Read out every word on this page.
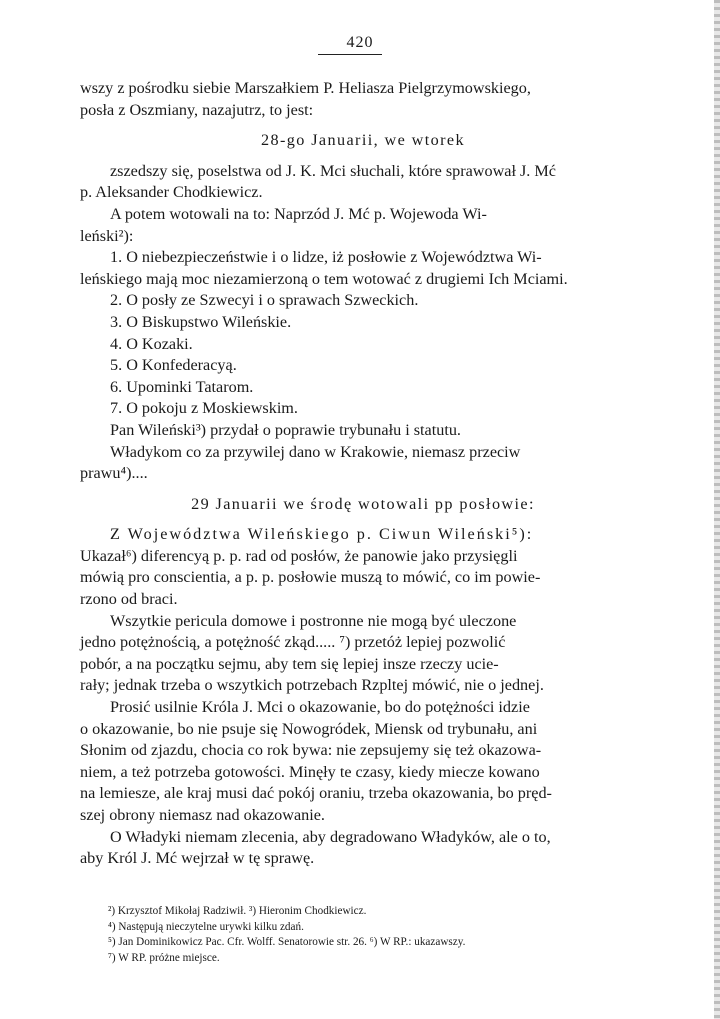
420

wszy z pośrodku siebie Marszałkiem P. Heliasza Pielgrzymowskiego,

posła z Oszmiany, nazajutrz, to jest:

28-go Januarii, we wtorek

zszedszy się, poselstwa od J. K. Mci słuchali, które sprawował J. Mć

p. Aleksander Chodkiewicz.

A potem wotowali na to: Naprzód J. Mć p. Wojewoda Wi-

leński²):

1. O niebezpieczeństwie i o lidze, iż posłowie z Województwa Wi-

leńskiego mają moc niezamierzoną o tem wotować z drugiemi Ich Mciami.

2. O posły ze Szwecyi i o sprawach Szweckich.

3. O Biskupstwo Wileńskie.

4. O Kozaki.

5. O Konfederacyą.

6. Upominki Tatarom.

7. O pokoju z Moskiewskim.

Pan Wileński³) przydał o poprawie trybunału i statutu.

Władykom co za przywilej dano w Krakowie, niemasz przeciw

prawu⁴)....

29 Januarii we środę wotowali pp posłowie:

Z Województwa Wileńskiego p. Ciwun Wileński⁵):

Ukazał⁶) diferencyą p. p. rad od posłów, że panowie jako przysięgli

mówią pro conscientia, a p. p. posłowie muszą to mówić, co im powie-

rzono od braci.

Wszytkie pericula domowe i postronne nie mogą być uleczone

jedno potężnością, a potężność zkąd..... ⁷) przetóż lepiej pozwolić

pobór, a na początku sejmu, aby tem się lepiej insze rzeczy ucie-

rały; jednak trzeba o wszytkich potrzebach Rzpltej mówić, nie o jednej.

Prosić usilnie Króla J. Mci o okazowanie, bo do potężności idzie

o okazowanie, bo nie psuje się Nowogródek, Miensk od trybunału, ani

Słonim od zjazdu, chocia co rok bywa: nie zepsujemy się też okazowa-

niem, a też potrzeba gotowości. Minęły te czasy, kiedy miecze kowano

na lemiesze, ale kraj musi dać pokój oraniu, trzeba okazowania, bo pręd-

szej obrony niemasz nad okazowanie.

O Władyki niemam zlecenia, aby degradowano Władyków, ale o to,

aby Król J. Mć wejrzał w tę sprawę.

²) Krzysztof Mikołaj Radziwił. ³) Hieronim Chodkiewicz.

⁴) Następują nieczytelne urywki kilku zdań.

⁵) Jan Dominikowicz Pac. Cfr. Wolff. Senatorowie str. 26. ⁶) W RP.: ukazawszy.

⁷) W RP. próżne miejsce.
